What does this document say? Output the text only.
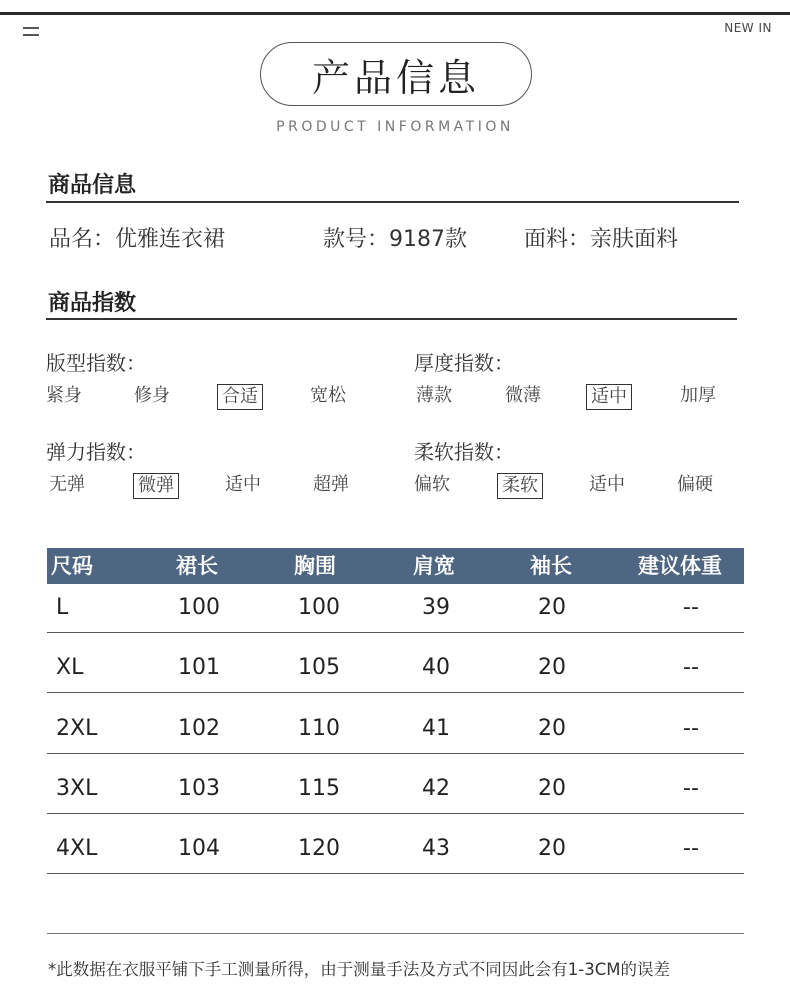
NEW IN
产品信息
PRODUCT INFORMATION
商品信息
品名：优雅连衣裙	款号：9187款	面料：亲肤面料
商品指数
版型指数：
紧身	修身	合适	宽松
厚度指数：
薄款	微薄	适中	加厚
弹力指数：
无弹	微弹	适中	超弹
柔软指数：
偏软	柔软	适中	偏硬
尺码	裙长	胸围	肩宽	袖长	建议体重
L	100	100	39	20	--
XL	101	105	40	20	--
2XL	102	110	41	20	--
3XL	103	115	42	20	--
4XL	104	120	43	20	--
*此数据在衣服平铺下手工测量所得，由于测量手法及方式不同因此会有1-3CM的误差
